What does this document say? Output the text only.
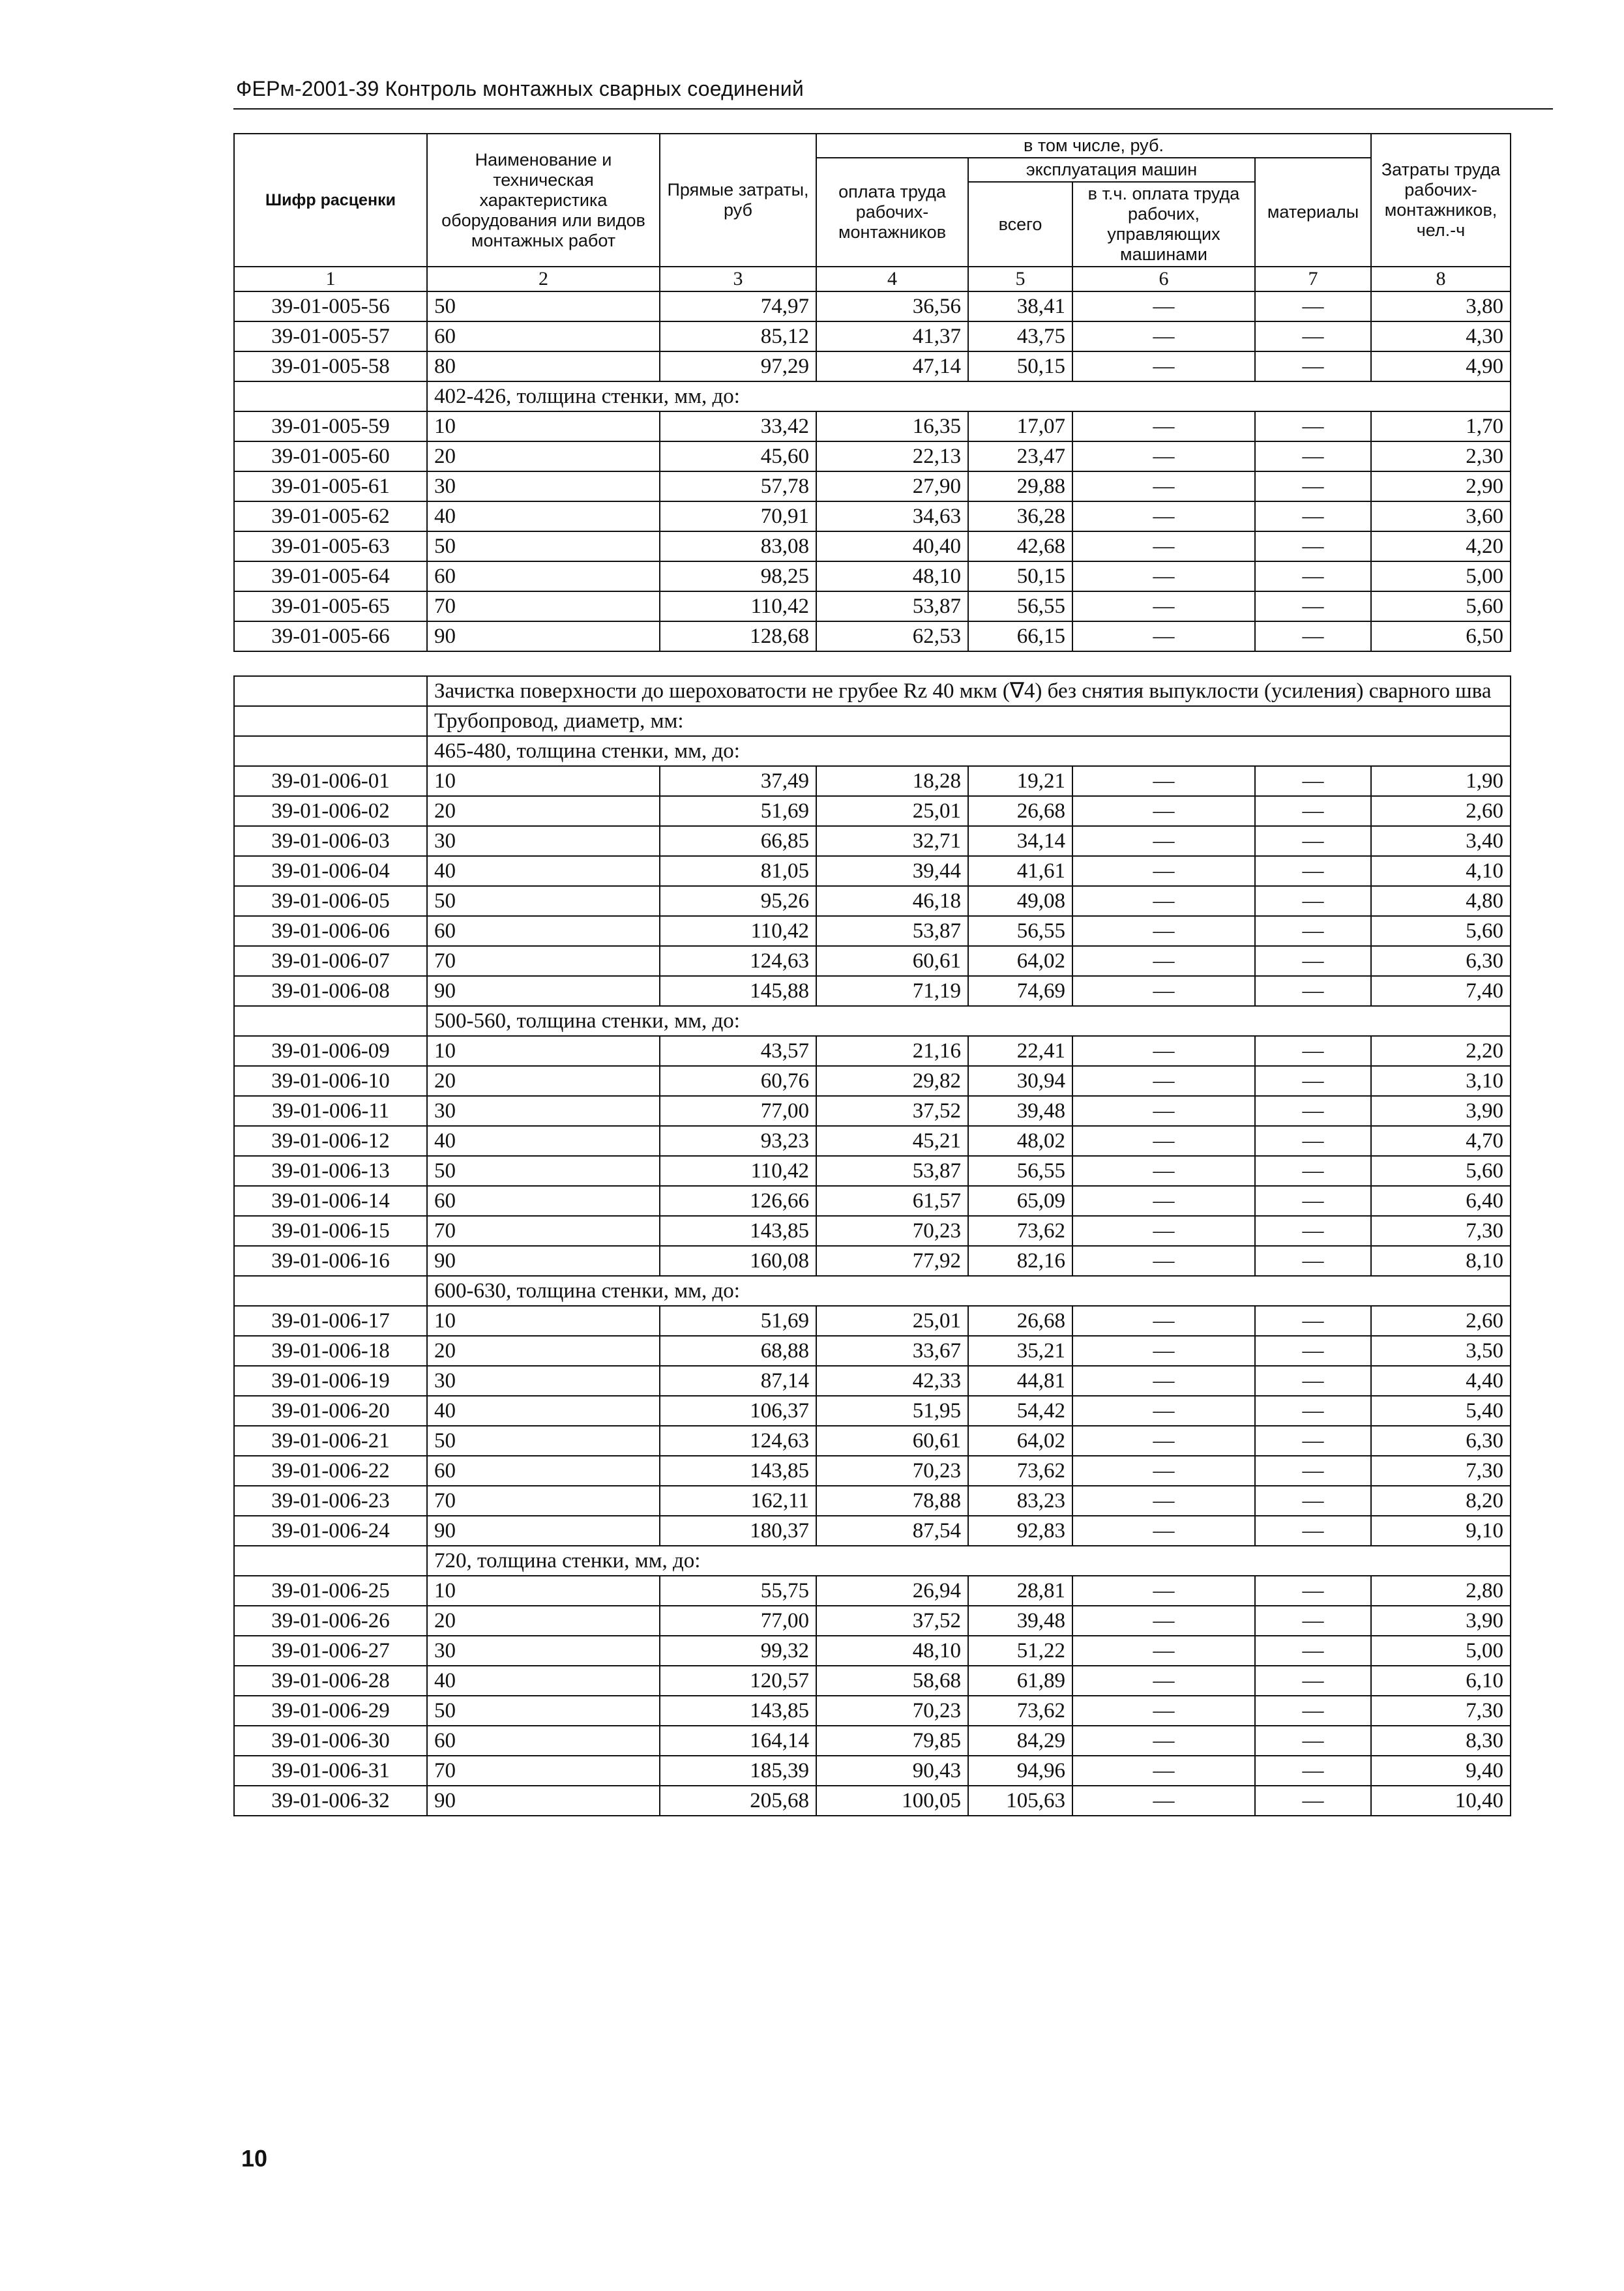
ФЕРм-2001-39 Контроль монтажных сварных соединений
Шифр расценки	Наименование и техническая характеристика оборудования или видов монтажных работ	Прямые затраты, руб	в том числе, руб.				Затраты труда рабочих-монтажников, чел.-ч
			оплата труда рабочих-монтажников	эксплуатация машин		материалы	
				всего	в т.ч. оплата труда рабочих, управляющих машинами		
1	2	3	4	5	6	7	8
39-01-005-56	50	74,97	36,56	38,41	—	—	3,80
39-01-005-57	60	85,12	41,37	43,75	—	—	4,30
39-01-005-58	80	97,29	47,14	50,15	—	—	4,90
	402-426, толщина стенки, мм, до:						
39-01-005-59	10	33,42	16,35	17,07	—	—	1,70
39-01-005-60	20	45,60	22,13	23,47	—	—	2,30
39-01-005-61	30	57,78	27,90	29,88	—	—	2,90
39-01-005-62	40	70,91	34,63	36,28	—	—	3,60
39-01-005-63	50	83,08	40,40	42,68	—	—	4,20
39-01-005-64	60	98,25	48,10	50,15	—	—	5,00
39-01-005-65	70	110,42	53,87	56,55	—	—	5,60
39-01-005-66	90	128,68	62,53	66,15	—	—	6,50

	Зачистка поверхности до шероховатости не грубее Rz 40 мкм (∇4) без снятия выпуклости (усиления) сварного шва						
	Трубопровод, диаметр, мм:						
	465-480, толщина стенки, мм, до:						
39-01-006-01	10	37,49	18,28	19,21	—	—	1,90
39-01-006-02	20	51,69	25,01	26,68	—	—	2,60
39-01-006-03	30	66,85	32,71	34,14	—	—	3,40
39-01-006-04	40	81,05	39,44	41,61	—	—	4,10
39-01-006-05	50	95,26	46,18	49,08	—	—	4,80
39-01-006-06	60	110,42	53,87	56,55	—	—	5,60
39-01-006-07	70	124,63	60,61	64,02	—	—	6,30
39-01-006-08	90	145,88	71,19	74,69	—	—	7,40
	500-560, толщина стенки, мм, до:						
39-01-006-09	10	43,57	21,16	22,41	—	—	2,20
39-01-006-10	20	60,76	29,82	30,94	—	—	3,10
39-01-006-11	30	77,00	37,52	39,48	—	—	3,90
39-01-006-12	40	93,23	45,21	48,02	—	—	4,70
39-01-006-13	50	110,42	53,87	56,55	—	—	5,60
39-01-006-14	60	126,66	61,57	65,09	—	—	6,40
39-01-006-15	70	143,85	70,23	73,62	—	—	7,30
39-01-006-16	90	160,08	77,92	82,16	—	—	8,10
	600-630, толщина стенки, мм, до:						
39-01-006-17	10	51,69	25,01	26,68	—	—	2,60
39-01-006-18	20	68,88	33,67	35,21	—	—	3,50
39-01-006-19	30	87,14	42,33	44,81	—	—	4,40
39-01-006-20	40	106,37	51,95	54,42	—	—	5,40
39-01-006-21	50	124,63	60,61	64,02	—	—	6,30
39-01-006-22	60	143,85	70,23	73,62	—	—	7,30
39-01-006-23	70	162,11	78,88	83,23	—	—	8,20
39-01-006-24	90	180,37	87,54	92,83	—	—	9,10
	720, толщина стенки, мм, до:						
39-01-006-25	10	55,75	26,94	28,81	—	—	2,80
39-01-006-26	20	77,00	37,52	39,48	—	—	3,90
39-01-006-27	30	99,32	48,10	51,22	—	—	5,00
39-01-006-28	40	120,57	58,68	61,89	—	—	6,10
39-01-006-29	50	143,85	70,23	73,62	—	—	7,30
39-01-006-30	60	164,14	79,85	84,29	—	—	8,30
39-01-006-31	70	185,39	90,43	94,96	—	—	9,40
39-01-006-32	90	205,68	100,05	105,63	—	—	10,40
10
